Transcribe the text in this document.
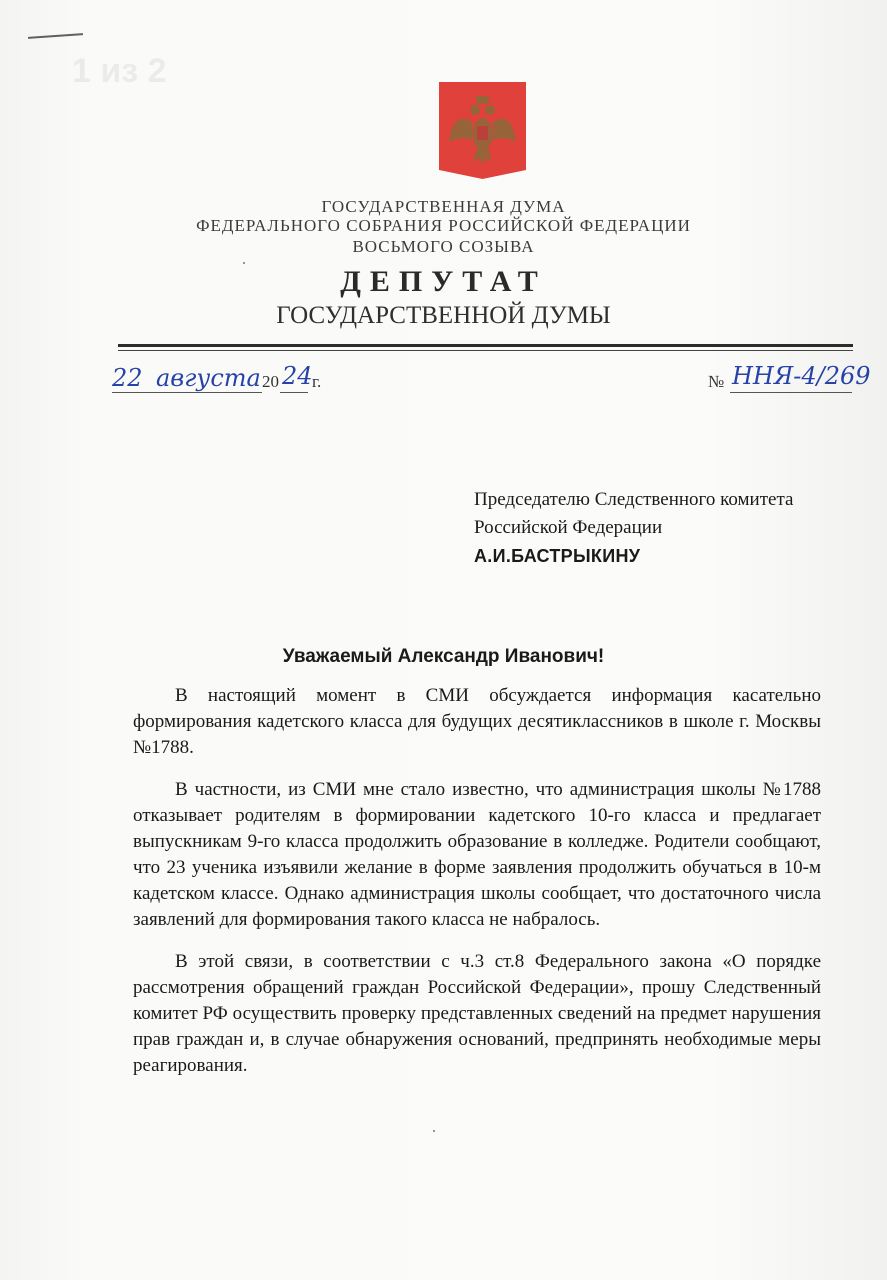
1 из 2
ГОСУДАРСТВЕННАЯ ДУМА
ФЕДЕРАЛЬНОГО СОБРАНИЯ РОССИЙСКОЙ ФЕДЕРАЦИИ
ВОСЬМОГО СОЗЫВА
ДЕПУТАТ
ГОСУДАРСТВЕННОЙ ДУМЫ
22 августа 20 24 г.	№ ННЯ-4/269
Председателю Следственного комитета
Российской Федерации
А.И.БАСТРЫКИНУ
Уважаемый Александр Иванович!

В настоящий момент в СМИ обсуждается информация касательно формирования кадетского класса для будущих десятиклассников в школе г. Москвы №1788.

В частности, из СМИ мне стало известно, что администрация школы №1788 отказывает родителям в формировании кадетского 10-го класса и предлагает выпускникам 9-го класса продолжить образование в колледже. Родители сообщают, что 23 ученика изъявили желание в форме заявления продолжить обучаться в 10-м кадетском классе. Однако администрация школы сообщает, что достаточного числа заявлений для формирования такого класса не набралось.

В этой связи, в соответствии с ч.3 ст.8 Федерального закона «О порядке рассмотрения обращений граждан Российской Федерации», прошу Следственный комитет РФ осуществить проверку представленных сведений на предмет нарушения прав граждан и, в случае обнаружения оснований, предпринять необходимые меры реагирования.
